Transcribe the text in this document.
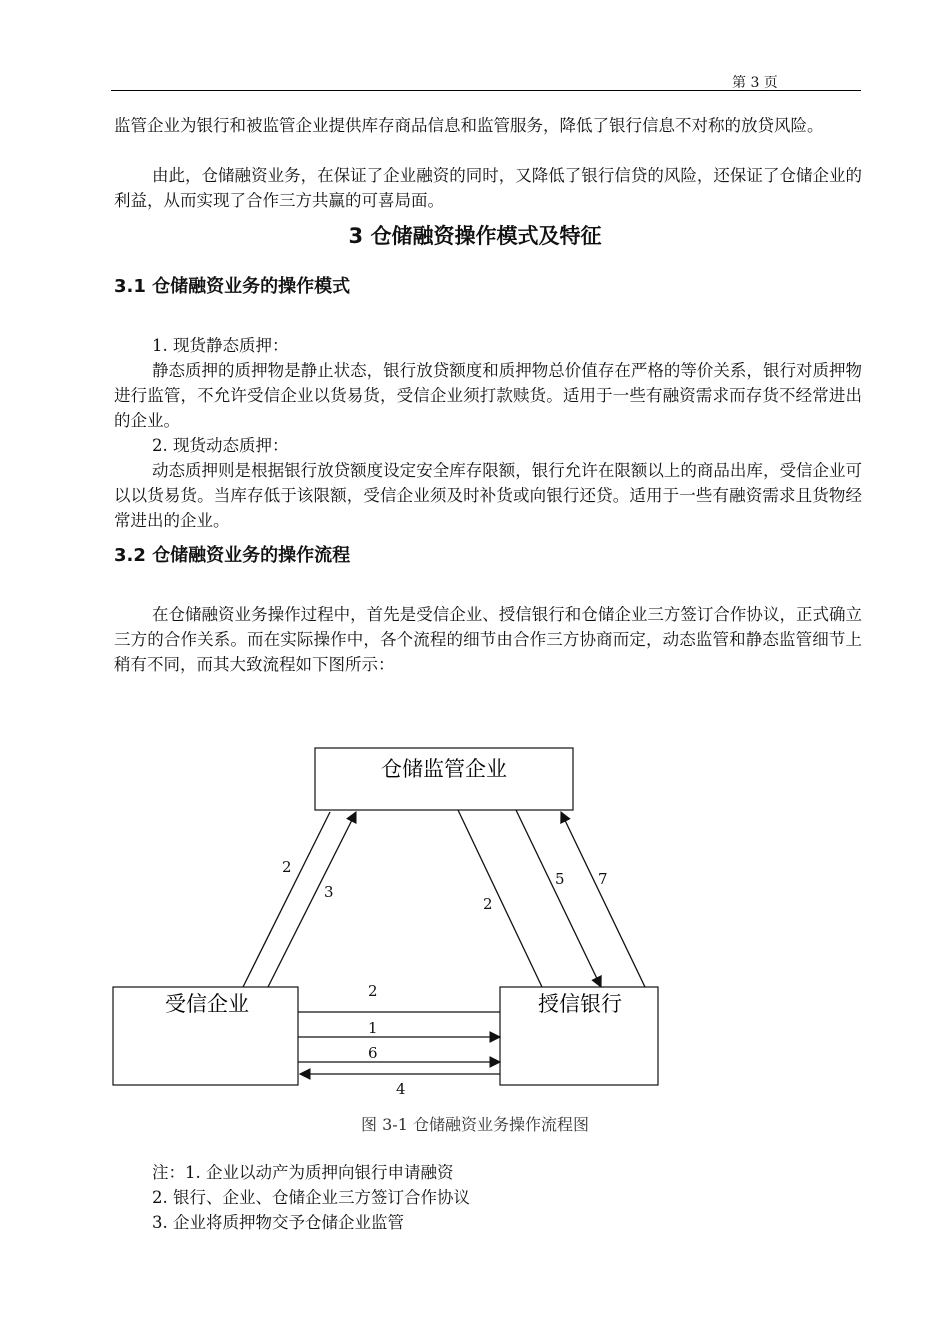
第 3 页

监管企业为银行和被监管企业提供库存商品信息和监管服务，降低了银行信息不对称的放贷风险。

由此，仓储融资业务，在保证了企业融资的同时，又降低了银行信贷的风险，还保证了仓储企业的利益，从而实现了合作三方共赢的可喜局面。

3 仓储融资操作模式及特征
3.1 仓储融资业务的操作模式

1. 现货静态质押：

静态质押的质押物是静止状态，银行放贷额度和质押物总价值存在严格的等价关系，银行对质押物进行监管，不允许受信企业以货易货，受信企业须打款赎货。适用于一些有融资需求而存货不经常进出的企业。

2. 现货动态质押：

动态质押则是根据银行放贷额度设定安全库存限额，银行允许在限额以上的商品出库，受信企业可以以货易货。当库存低于该限额，受信企业须及时补货或向银行还贷。适用于一些有融资需求且货物经常进出的企业。

3.2 仓储融资业务的操作流程

在仓储融资业务操作过程中，首先是受信企业、授信银行和仓储企业三方签订合作协议，正式确立三方的合作关系。而在实际操作中，各个流程的细节由合作三方协商而定，动态监管和静态监管细节上稍有不同，而其大致流程如下图所示：

仓储监管企业
受信企业	授信银行
2
3
2
5 7
2
1
6
4

图 3-1 仓储融资业务操作流程图

注：1. 企业以动产为质押向银行申请融资

2. 银行、企业、仓储企业三方签订合作协议

3. 企业将质押物交予仓储企业监管
